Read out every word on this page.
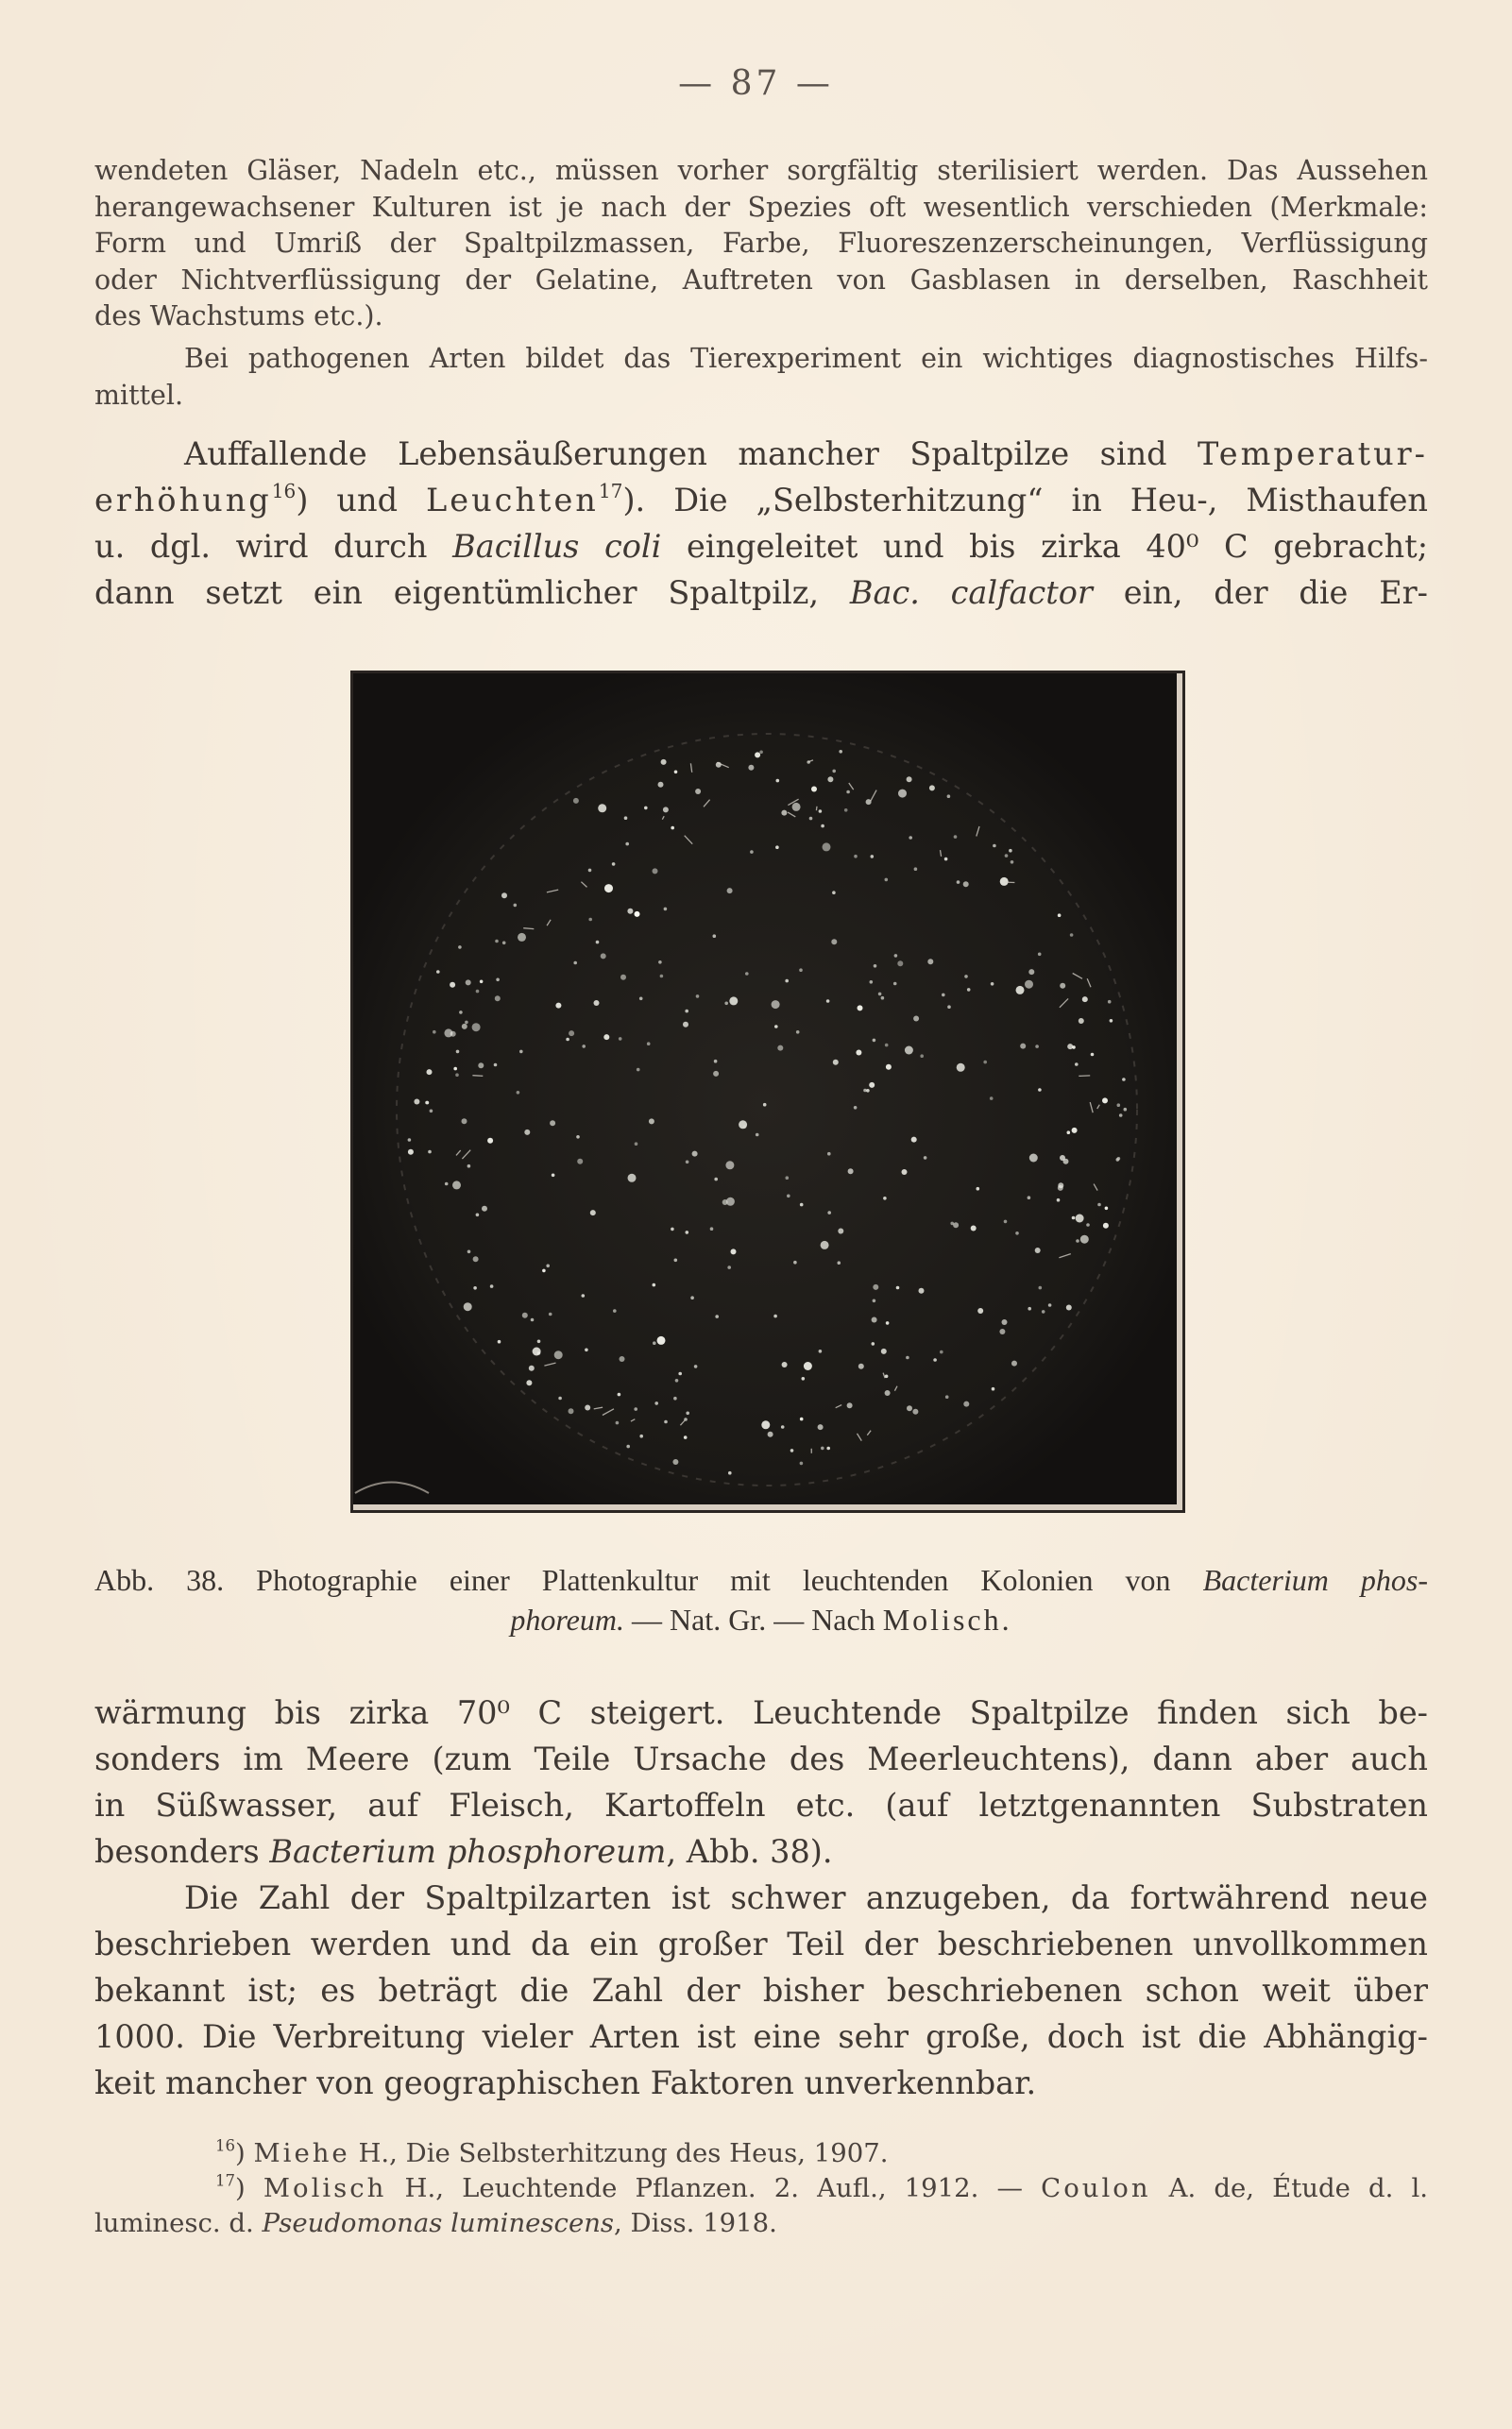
— 87 —
wendeten Gläser, Nadeln etc., müssen vorher sorgfältig sterilisiert werden. Das Aussehen
herangewachsener Kulturen ist je nach der Spezies oft wesentlich verschieden (Merkmale:
Form und Umriß der Spaltpilzmassen, Farbe, Fluoreszenzerscheinungen, Verflüssigung
oder Nichtverflüssigung der Gelatine, Auftreten von Gasblasen in derselben, Raschheit
des Wachstums etc.).
Bei pathogenen Arten bildet das Tierexperiment ein wichtiges diagnostisches Hilfs-
mittel.
Auffallende Lebensäußerungen mancher Spaltpilze sind Temperatur-
erhöhung$^{16}$) und Leuchten$^{17}$). Die „Selbsterhitzung“ in Heu-, Misthaufen
u. dgl. wird durch Bacillus coli eingeleitet und bis zirka 40⁰ C gebracht;
dann setzt ein eigentümlicher Spaltpilz, Bac. calfactor ein, der die Er-
Abb. 38. Photographie einer Plattenkultur mit leuchtenden Kolonien von Bacterium phos-
phoreum. — Nat. Gr. — Nach Molisch.
wärmung bis zirka 70⁰ C steigert. Leuchtende Spaltpilze finden sich be-
sonders im Meere (zum Teile Ursache des Meerleuchtens), dann aber auch
in Süßwasser, auf Fleisch, Kartoffeln etc. (auf letztgenannten Substraten
besonders Bacterium phosphoreum, Abb. 38).
Die Zahl der Spaltpilzarten ist schwer anzugeben, da fortwährend neue
beschrieben werden und da ein großer Teil der beschriebenen unvollkommen
bekannt ist; es beträgt die Zahl der bisher beschriebenen schon weit über
1000. Die Verbreitung vieler Arten ist eine sehr große, doch ist die Abhängig-
keit mancher von geographischen Faktoren unverkennbar.
$^{16}$) Miehe H., Die Selbsterhitzung des Heus, 1907.
$^{17}$) Molisch H., Leuchtende Pflanzen. 2. Aufl., 1912. — Coulon A. de, Étude d. l.
luminesc. d. Pseudomonas luminescens, Diss. 1918.
